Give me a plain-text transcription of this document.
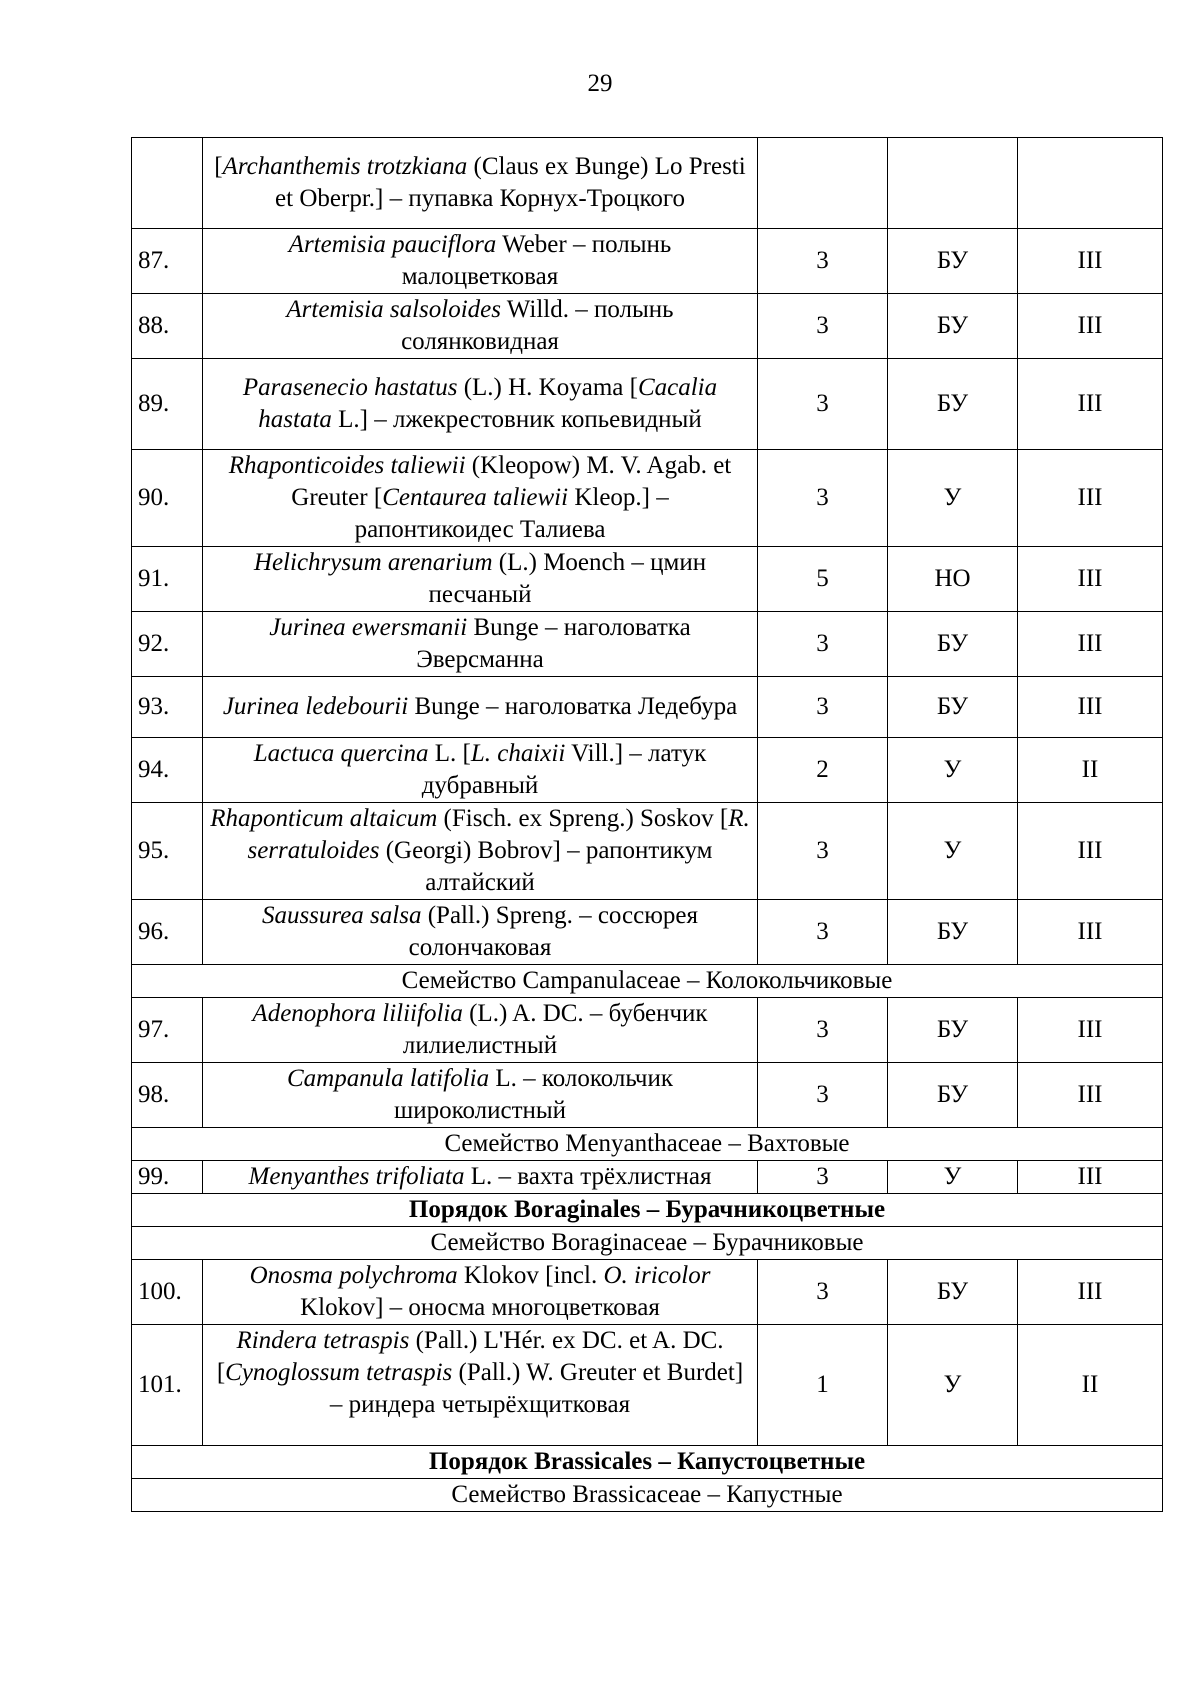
29
	[Archanthemis trotzkiana (Claus ex Bunge) Lo Presti et Oberpr.] – пупавка Корнух-Троцкого			
87.	Artemisia pauciflora Weber – полынь малоцветковая	3	БУ	III
88.	Artemisia salsoloides Willd. – полынь солянковидная	3	БУ	III
89.	Parasenecio hastatus (L.) H. Koyama [Cacalia hastata L.] – лжекрестовник копьевидный	3	БУ	III
90.	Rhaponticoides taliewii (Kleopow) M. V. Agab. et Greuter [Centaurea taliewii Kleop.] – рапонтикоидес Талиева	3	У	III
91.	Helichrysum arenarium (L.) Moench – цмин песчаный	5	НО	III
92.	Jurinea ewersmanii Bunge – наголоватка Эверсманна	3	БУ	III
93.	Jurinea ledebourii Bunge – наголоватка Ледебура	3	БУ	III
94.	Lactuca quercina L. [L. chaixii Vill.] – латук дубравный	2	У	II
95.	Rhaponticum altaicum (Fisch. ex Spreng.) Soskov [R. serratuloides (Georgi) Bobrov] – рапонтикум алтайский	3	У	III
96.	Saussurea salsa (Pall.) Spreng. – соссюрея солончаковая	3	БУ	III
Семейство Campanulaceae – Колокольчиковые				
97.	Adenophora liliifolia (L.) A. DC. – бубенчик лилиелистный	3	БУ	III
98.	Campanula latifolia L. – колокольчик широколистный	3	БУ	III
Семейство Menyanthaceae – Вахтовые				
99.	Menyanthes trifoliata L. – вахта трёхлистная	3	У	III
Порядок Boraginales – Бурачникоцветные				
Семейство Boraginaceae – Бурачниковые				
100.	Onosma polychroma Klokov [incl. O. iricolor Klokov] – оносма многоцветковая	3	БУ	III
101.	Rindera tetraspis (Pall.) L'Hér. ex DC. et A. DC. [Cynoglossum tetraspis (Pall.) W. Greuter et Burdet] – риндера четырёхщитковая	1	У	II
Порядок Brassicales – Капустоцветные				
Семейство Brassicaceae – Капустные				
